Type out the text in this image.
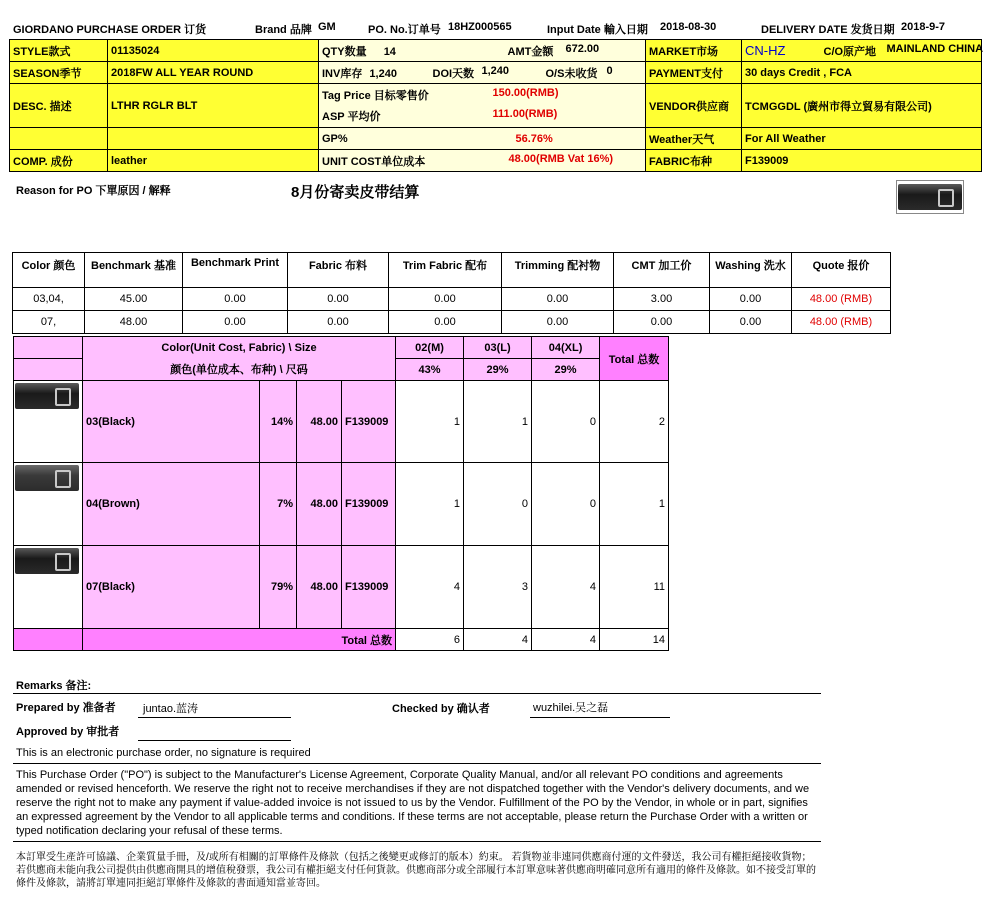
GIORDANO PURCHASE ORDER 订货	Brand 品牌 GM	PO. No.订单号 18HZ000565	Input Date 輸入日期 2018-08-30	DELIVERY DATE 发货日期 2018-9-7
STYLE款式	01135024	QTY数量 14 AMT金额 672.00	MARKET市场	CN-HZ C/O原产地 MAINLAND CHINA

SEASON季节	2018FW ALL YEAR ROUND	INV库存 1,240 DOI天数 1,240 O/S未收货 0	PAYMENT支付	30 days Credit , FCA
DESC. 描述	LTHR RGLR BLT	Tag Price 目标零售价 150.00(RMB)	VENDOR供应商	TCMGGDL (廣州市得立貿易有限公司)
		ASP 平均价 111.00(RMB)		

		GP% 56.76%	Weather天气	For All Weather
COMP. 成份	leather	UNIT COST单位成本 48.00(RMB Vat 16%)	FABRIC布种	F139009
Reason for PO 下單原因 / 解释	8月份寄卖皮带结算
Color 颜色	Benchmark 基准	Benchmark Print	Fabric 布料	Trim Fabric 配布	Trimming 配衬物	CMT 加工价	Washing 洗水	Quote 报价
03,04,	45.00	0.00	0.00	0.00	0.00	3.00	0.00	48.00 (RMB)
07,	48.00	0.00	0.00	0.00	0.00	0.00	0.00	48.00 (RMB)
	Color(Unit Cost, Fabric) \ Size				02(M)	03(L)	04(XL)	Total 总数
	颜色(单位成本、布种) \ 尺码				43%	29%	29%	

	03(Black)	14%	48.00	F139009	1	1	0	2

	04(Brown)	7%	48.00	F139009	1	0	0	1

	07(Black)	79%	48.00	F139009	4	3	4	11
	Total 总数				6	4	4	14
Remarks 备注:
Prepared by 准备者 juntao.蓝涛	Checked by 确认者	wuzhilei.吴之磊
Approved by 审批者
This is an electronic purchase order, no signature is required
This Purchase Order ("PO") is subject to the Manufacturer's License Agreement, Corporate Quality Manual, and/or all relevant PO conditions and agreements amended or revised henceforth. We reserve the right not to receive merchandises if they are not dispatched together with the Vendor's delivery documents, and we reserve the right not to make any payment if value-added invoice is not issued to us by the Vendor. Fulfillment of the PO by the Vendor, in whole or in part, signifies an expressed agreement by the Vendor to all applicable terms and conditions. If these terms are not acceptable, please return the Purchase Order with a written or typed notification declaring your refusal of these terms.
本訂單受生產許可協議、企業質量手冊，及/或所有相關的訂單條件及條款（包括之後變更或修訂的版本）約束。 若貨物並非連同供應商付運的文件發送，我公司有權拒絕接收貨物；若供應商未能向我公司提供由供應商開具的增值稅發票，我公司有權拒絕支付任何貨款。供應商部分或全部履行本訂單意味著供應商明確同意所有適用的條件及條款。如不接受訂單的條件及條款，請將訂單連同拒絕訂單條件及條款的書面通知當並寄回。
